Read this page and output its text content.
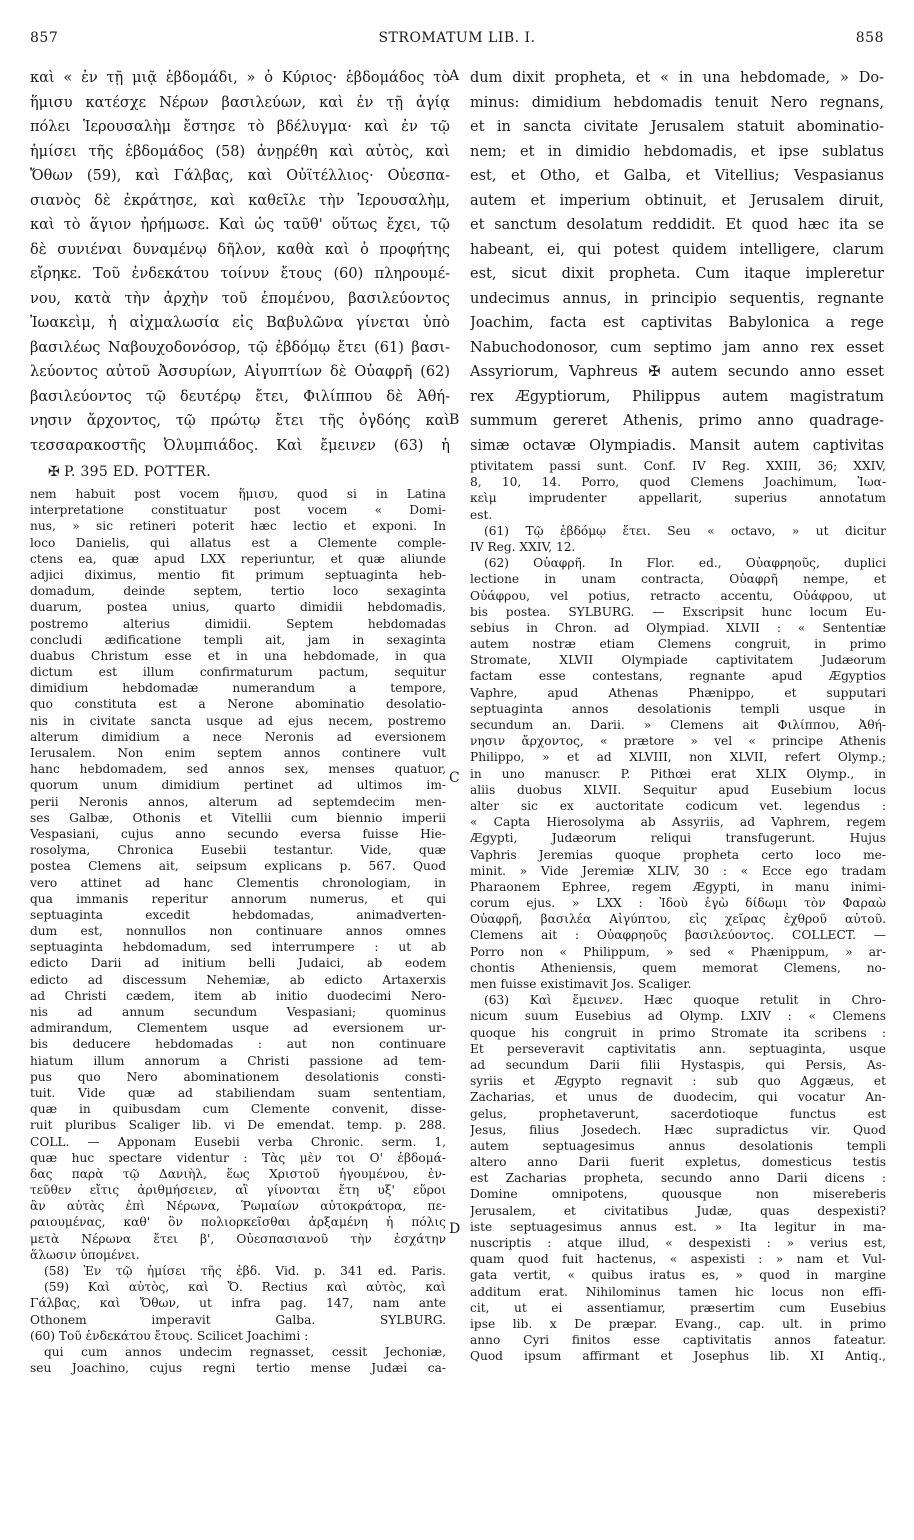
857	STROMATUM LIB. I.	858
A
B
C
D
καὶ « ἐν τῇ μιᾷ ἑβδομάδι, » ὁ Κύριος· ἑβδομάδος τὸ
ἥμισυ κατέσχε Νέρων βασιλεύων, καὶ ἐν τῇ ἁγίᾳ
πόλει Ἱερουσαλὴμ ἔστησε τὸ βδέλυγμα· καὶ ἐν τῷ
ἡμίσει τῆς ἑβδομάδος (58) ἀνῃρέθη καὶ αὐτὸς, καὶ
Ὄθων (59), καὶ Γάλβας, καὶ Οὐϊτέλλιος· Οὐεσπα-
σιανὸς δὲ ἐκράτησε, καὶ καθεῖλε τὴν Ἱερουσαλὴμ,
καὶ τὸ ἅγιον ἠρήμωσε. Καὶ ὡς ταῦθ' οὕτως ἔχει, τῷ
δὲ συνιέναι δυναμένῳ δῆλον, καθὰ καὶ ὁ προφήτης
εἴρηκε. Τοῦ ἑνδεκάτου τοίνυν ἔτους (60) πληρουμέ-
νου, κατὰ τὴν ἀρχὴν τοῦ ἑπομένου, βασιλεύοντος
Ἰωακεὶμ, ἡ αἰχμαλωσία εἰς Βαβυλῶνα γίνεται ὑπὸ
βασιλέως Ναβουχοδονόσορ, τῷ ἑβδόμῳ ἔτει (61) βασι-
λεύοντος αὐτοῦ Ἀσσυρίων, Αἰγυπτίων δὲ Οὐαφρῆ (62)
βασιλεύοντος τῷ δευτέρῳ ἔτει, Φιλίππου δὲ Ἀθή-
νησιν ἄρχοντος, τῷ πρώτῳ ἔτει τῆς ὀγδόης καὶ
τεσσαρακοστῆς Ὀλυμπιάδος. Καὶ ἔμεινεν (63) ἡ
dum dixit propheta, et « in una hebdomade, » Do-
minus: dimidium hebdomadis tenuit Nero regnans,
et in sancta civitate Jerusalem statuit abominatio-
nem; et in dimidio hebdomadis, et ipse sublatus
est, et Otho, et Galba, et Vitellius; Vespasianus
autem et imperium obtinuit, et Jerusalem diruit,
et sanctum desolatum reddidit. Et quod hæc ita se
habeant, ei, qui potest quidem intelligere, clarum
est, sicut dixit propheta. Cum itaque impleretur
undecimus annus, in principio sequentis, regnante
Joachim, facta est captivitas Babylonica a rege
Nabuchodonosor, cum septimo jam anno rex esset
Assyriorum, Vaphreus ✠ autem secundo anno esset
rex Ægyptiorum, Philippus autem magistratum
summum gereret Athenis, primo anno quadrage-
simæ octavæ Olympiadis. Mansit autem captivitas
✠ P. 395 ED. POTTER.
nem habuit post vocem ἥμισυ, quod si in Latina
interpretatione constituatur post vocem « Domi-
nus, » sic retineri poterit hæc lectio et exponi. In
loco Danielis, qui allatus est a Clemente comple-
ctens ea, quæ apud LXX reperiuntur, et quæ aliunde
adjici diximus, mentio fit primum septuaginta heb-
domadum, deinde septem, tertio loco sexaginta
duarum, postea unius, quarto dimidii hebdomadis,
postremo alterius dimidii. Septem hebdomadas
concludi ædificatione templi ait, jam in sexaginta
duabus Christum esse et in una hebdomade, in qua
dictum est illum confirmaturum pactum, sequitur
dimidium hebdomadæ numerandum a tempore,
quo constituta est a Nerone abominatio desolatio-
nis in civitate sancta usque ad ejus necem, postremo
alterum dimidium a nece Neronis ad eversionem
Ierusalem. Non enim septem annos continere vult
hanc hebdomadem, sed annos sex, menses quatuor,
quorum unum dimidium pertinet ad ultimos im-
perii Neronis annos, alterum ad septemdecim men-
ses Galbæ, Othonis et Vitellii cum biennio imperii
Vespasiani, cujus anno secundo eversa fuisse Hie-
rosolyma, Chronica Eusebii testantur. Vide, quæ
postea Clemens ait, seipsum explicans p. 567. Quod
vero attinet ad hanc Clementis chronologiam, in
qua immanis reperitur annorum numerus, et qui
septuaginta excedit hebdomadas, animadverten-
dum est, nonnullos non continuare annos omnes
septuaginta hebdomadum, sed interrumpere : ut ab
edicto Darii ad initium belli Judaici, ab eodem
edicto ad discessum Nehemiæ, ab edicto Artaxerxis
ad Christi cædem, item ab initio duodecimi Nero-
nis ad annum secundum Vespasiani; quominus
admirandum, Clementem usque ad eversionem ur-
bis deducere hebdomadas : aut non continuare
hiatum illum annorum a Christi passione ad tem-
pus quo Nero abominationem desolationis consti-
tuit. Vide quæ ad stabiliendam suam sententiam,
quæ in quibusdam cum Clemente convenit, disse-
ruit pluribus Scaliger lib. vi De emendat. temp. p. 288.
COLL. — Apponam Eusebii verba Chronic. serm. 1,
quæ huc spectare videntur : Τὰς μὲν τοι Ο' ἑβδομά-
δας παρὰ τῷ Δανιὴλ, ἕως Χριστοῦ ἡγουμένου, ἐν-
τεῦθεν εἴτις ἀριθμήσειεν, αἳ γίνονται ἔτη υξ' εὕροι
ἂν αὐτὰς ἐπὶ Νέρωνα, Ῥωμαίων αὐτοκράτορα, πε-
ραιουμένας, καθ' ὃν πολιορκεῖσθαι ἀρξαμένη ἡ πόλις
μετὰ Νέρωνα ἔτει β', Οὐεσπασιανοῦ τὴν ἐσχάτην
ἅλωσιν ὑπομένει.
(58) Ἐν τῷ ἡμίσει τῆς ἑβδ. Vid. p. 341 ed. Paris.
(59) Καὶ αὐτὸς, καὶ Ὄ. Rectius καὶ αὐτὸς, καὶ
Γάλβας, καὶ Ὄθων, ut infra pag. 147, nam ante
Othonem imperavit Galba. SYLBURG.
(60) Τοῦ ἑνδεκάτου ἔτους. Scilicet Joachimi :
qui cum annos undecim regnasset, cessit Jechoniæ,
seu Joachino, cujus regni tertio mense Judæi ca-
ptivitatem passi sunt. Conf. IV Reg. XXIII, 36; XXIV,
8, 10, 14. Porro, quod Clemens Joachimum, Ἰωα-
κεὶμ imprudenter appellarit, superius annotatum
est.
(61) Τῷ ἑβδόμῳ ἔτει. Seu « octavo, » ut dicitur
IV Reg. XXIV, 12.
(62) Οὐαφρῆ. In Flor. ed., Οὐαφρηοῦς, duplici
lectione in unam contracta, Οὐαφρῆ nempe, et
Οὐάφρου, vel potius, retracto accentu, Οὐάφρου, ut
bis postea. SYLBURG. — Exscripsit hunc locum Eu-
sebius in Chron. ad Olympiad. XLVII : « Sententiæ
autem nostræ etiam Clemens congruit, in primo
Stromate, XLVII Olympiade captivitatem Judæorum
factam esse contestans, regnante apud Ægyptios
Vaphre, apud Athenas Phænippo, et supputari
septuaginta annos desolationis templi usque in
secundum an. Darii. » Clemens ait Φιλίππου, Ἀθή-
νησιν ἄρχοντος, « prætore » vel « principe Athenis
Philippo, » et ad XLVIII, non XLVII, refert Olymp.;
in uno manuscr. P. Pithœi erat XLIX Olymp., in
aliis duobus XLVII. Sequitur apud Eusebium locus
alter sic ex auctoritate codicum vet. legendus :
« Capta Hierosolyma ab Assyriis, ad Vaphrem, regem
Ægypti, Judæorum reliqui transfugerunt. Hujus
Vaphris Jeremias quoque propheta certo loco me-
minit. » Vide Jeremiæ XLIV, 30 : « Ecce ego tradam
Pharaonem Ephree, regem Ægypti, in manu inimi-
corum ejus. » LXX : Ἰδοὺ ἐγὼ δίδωμι τὸν Φαραὼ
Οὐαφρῆ, βασιλέα Αἰγύπτου, εἰς χεῖρας ἐχθροῦ αὐτοῦ.
Clemens ait : Οὐαφρηοῦς βασιλεύοντος. COLLECT. —
Porro non « Philippum, » sed « Phænippum, » ar-
chontis Atheniensis, quem memorat Clemens, no-
men fuisse existimavit Jos. Scaliger.
(63) Καὶ ἔμεινεν. Hæc quoque retulit in Chro-
nicum suum Eusebius ad Olymp. LXIV : « Clemens
quoque his congruit in primo Stromate ita scribens :
Et perseveravit captivitatis ann. septuaginta, usque
ad secundum Darii filii Hystaspis, qui Persis, As-
syriis et Ægypto regnavit : sub quo Aggæus, et
Zacharias, et unus de duodecim, qui vocatur An-
gelus, prophetaverunt, sacerdotioque functus est
Jesus, filius Josedech. Hæc supradictus vir. Quod
autem septuagesimus annus desolationis templi
altero anno Darii fuerit expletus, domesticus testis
est Zacharias propheta, secundo anno Darii dicens :
Domine omnipotens, quousque non misereberis
Jerusalem, et civitatibus Judæ, quas despexisti?
iste septuagesimus annus est. » Ita legitur in ma-
nuscriptis : atque illud, « despexisti : » verius est,
quam quod fuit hactenus, « aspexisti : » nam et Vul-
gata vertit, « quibus iratus es, » quod in margine
additum erat. Nihilominus tamen hic locus non effi-
cit, ut ei assentiamur, præsertim cum Eusebius
ipse lib. x De præpar. Evang., cap. ult. in primo
anno Cyri finitos esse captivitatis annos fateatur.
Quod ipsum affirmant et Josephus lib. XI Antiq.,
